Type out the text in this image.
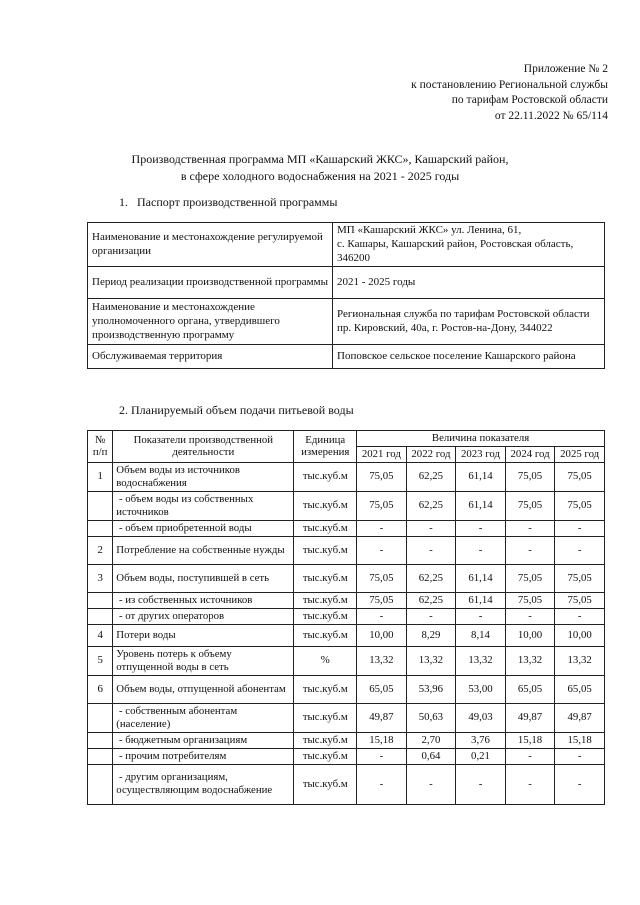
Приложение № 2
к постановлению Региональной службы
по тарифам Ростовской области
от 22.11.2022 № 65/114
Производственная программа МП «Кашарский ЖКС», Кашарский район,
в сфере холодного водоснабжения на 2021 - 2025 годы
1.   Паспорт производственной программы
Наименование и местонахождение регулируемой организации	МП «Кашарский ЖКС» ул. Ленина, 61,
с. Кашары, Кашарский район, Ростовская область, 346200

Период реализации производственной программы	2021 - 2025 годы

Наименование и местонахождение уполномоченного органа, утвердившего производственную программу	Региональная служба по тарифам Ростовской области
пр. Кировский, 40а, г. Ростов-на-Дону, 344022

Обслуживаемая территория	Поповское сельское поселение Кашарского района
2. Планируемый объем подачи питьевой воды
№ п/п	Показатели производственной деятельности	Единица измерения	Величина показателя				
			2021 год	2022 год	2023 год	2024 год	2025 год
1	Объем воды из источников водоснабжения	тыс.куб.м	75,05	62,25	61,14	75,05	75,05
	- объем воды из собственных источников	тыс.куб.м	75,05	62,25	61,14	75,05	75,05
	- объем приобретенной воды	тыс.куб.м	-	-	-	-	-
2	Потребление на собственные нужды	тыс.куб.м	-	-	-	-	-
3	Объем воды, поступившей в сеть	тыс.куб.м	75,05	62,25	61,14	75,05	75,05
	- из собственных источников	тыс.куб.м	75,05	62,25	61,14	75,05	75,05
	- от других операторов	тыс.куб.м	-	-	-	-	-
4	Потери воды	тыс.куб.м	10,00	8,29	8,14	10,00	10,00
5	Уровень потерь к объему отпущенной воды в сеть	%	13,32	13,32	13,32	13,32	13,32
6	Объем воды, отпущенной абонентам	тыс.куб.м	65,05	53,96	53,00	65,05	65,05
	- собственным абонентам (население)	тыс.куб.м	49,87	50,63	49,03	49,87	49,87
	- бюджетным организациям	тыс.куб.м	15,18	2,70	3,76	15,18	15,18
	- прочим потребителям	тыс.куб.м	-	0,64	0,21	-	-
	- другим организациям, осуществляющим водоснабжение	тыс.куб.м	-	-	-	-	-
